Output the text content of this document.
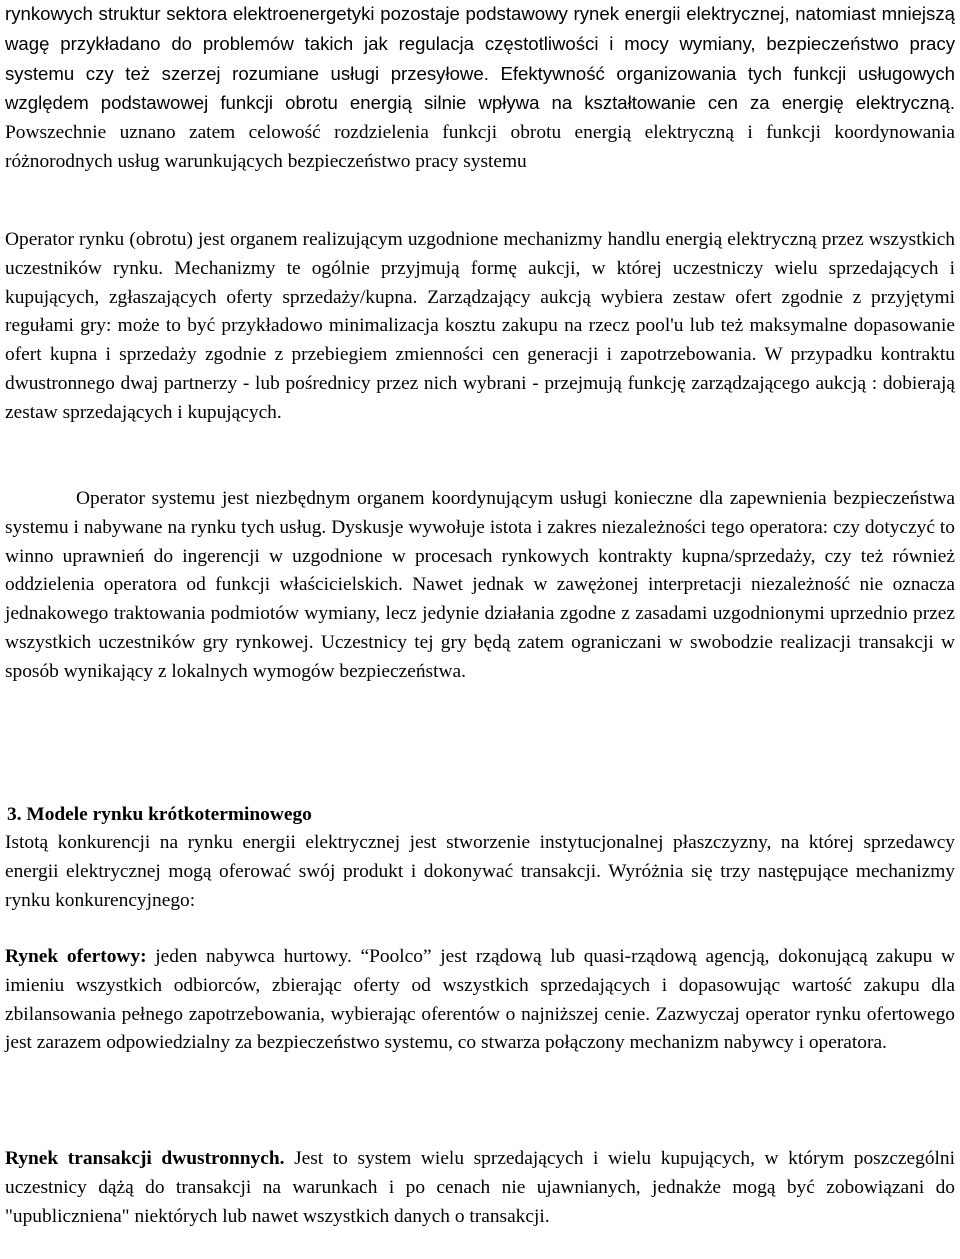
rynkowych struktur sektora elektroenergetyki pozostaje podstawowy rynek energii elektrycznej, natomiast mniejszą wagę przykładano do problemów takich jak regulacja częstotliwości i mocy wymiany, bezpieczeństwo pracy systemu czy też szerzej rozumiane usługi przesyłowe. Efektywność organizowania tych funkcji usługowych względem podstawowej funkcji obrotu energią silnie wpływa na kształtowanie cen za energię elektryczną. Powszechnie uznano zatem celowość rozdzielenia funkcji obrotu energią elektryczną i funkcji koordynowania różnorodnych usług warunkujących bezpieczeństwo pracy systemu

Operator rynku (obrotu) jest organem realizującym uzgodnione mechanizmy handlu energią elektryczną przez wszystkich uczestników rynku. Mechanizmy te ogólnie przyjmują formę aukcji, w której uczestniczy wielu sprzedających i kupujących, zgłaszających oferty sprzedaży/kupna. Zarządzający aukcją wybiera zestaw ofert zgodnie z przyjętymi regułami gry: może to być przykładowo minimalizacja kosztu zakupu na rzecz pool'u lub też maksymalne dopasowanie ofert kupna i sprzedaży zgodnie z przebiegiem zmienności cen generacji i zapotrzebowania. W przypadku kontraktu dwustronnego dwaj partnerzy - lub pośrednicy przez nich wybrani - przejmują funkcję zarządzającego aukcją : dobierają zestaw sprzedających i kupujących.

Operator systemu jest niezbędnym organem koordynującym usługi konieczne dla zapewnienia bezpieczeństwa systemu i nabywane na rynku tych usług. Dyskusje wywołuje istota i zakres niezależności tego operatora: czy dotyczyć to winno uprawnień do ingerencji w uzgodnione w procesach rynkowych kontrakty kupna/sprzedaży, czy też również oddzielenia operatora od funkcji właścicielskich. Nawet jednak w zawężonej interpretacji niezależność nie oznacza jednakowego traktowania podmiotów wymiany, lecz jedynie działania zgodne z zasadami uzgodnionymi uprzednio przez wszystkich uczestników gry rynkowej. Uczestnicy tej gry będą zatem ograniczani w swobodzie realizacji transakcji w sposób wynikający z lokalnych wymogów bezpieczeństwa.

3. Modele rynku krótkoterminowego

Istotą konkurencji na rynku energii elektrycznej jest stworzenie instytucjonalnej płaszczyzny, na której sprzedawcy energii elektrycznej mogą oferować swój produkt i dokonywać transakcji. Wyróżnia się trzy następujące mechanizmy rynku konkurencyjnego:

Rynek ofertowy: jeden nabywca hurtowy. “Poolco” jest rządową lub quasi-rządową agencją, dokonującą zakupu w imieniu wszystkich odbiorców, zbierając oferty od wszystkich sprzedających i dopasowując wartość zakupu dla zbilansowania pełnego zapotrzebowania, wybierając oferentów o najniższej cenie. Zazwyczaj operator rynku ofertowego jest zarazem odpowiedzialny za bezpieczeństwo systemu, co stwarza połączony mechanizm nabywcy i operatora.

Rynek transakcji dwustronnych. Jest to system wielu sprzedających i wielu kupujących, w którym poszczególni uczestnicy dążą do transakcji na warunkach i po cenach nie ujawnianych, jednakże mogą być zobowiązani do "upubliczniena" niektórych lub nawet wszystkich danych o transakcji.
